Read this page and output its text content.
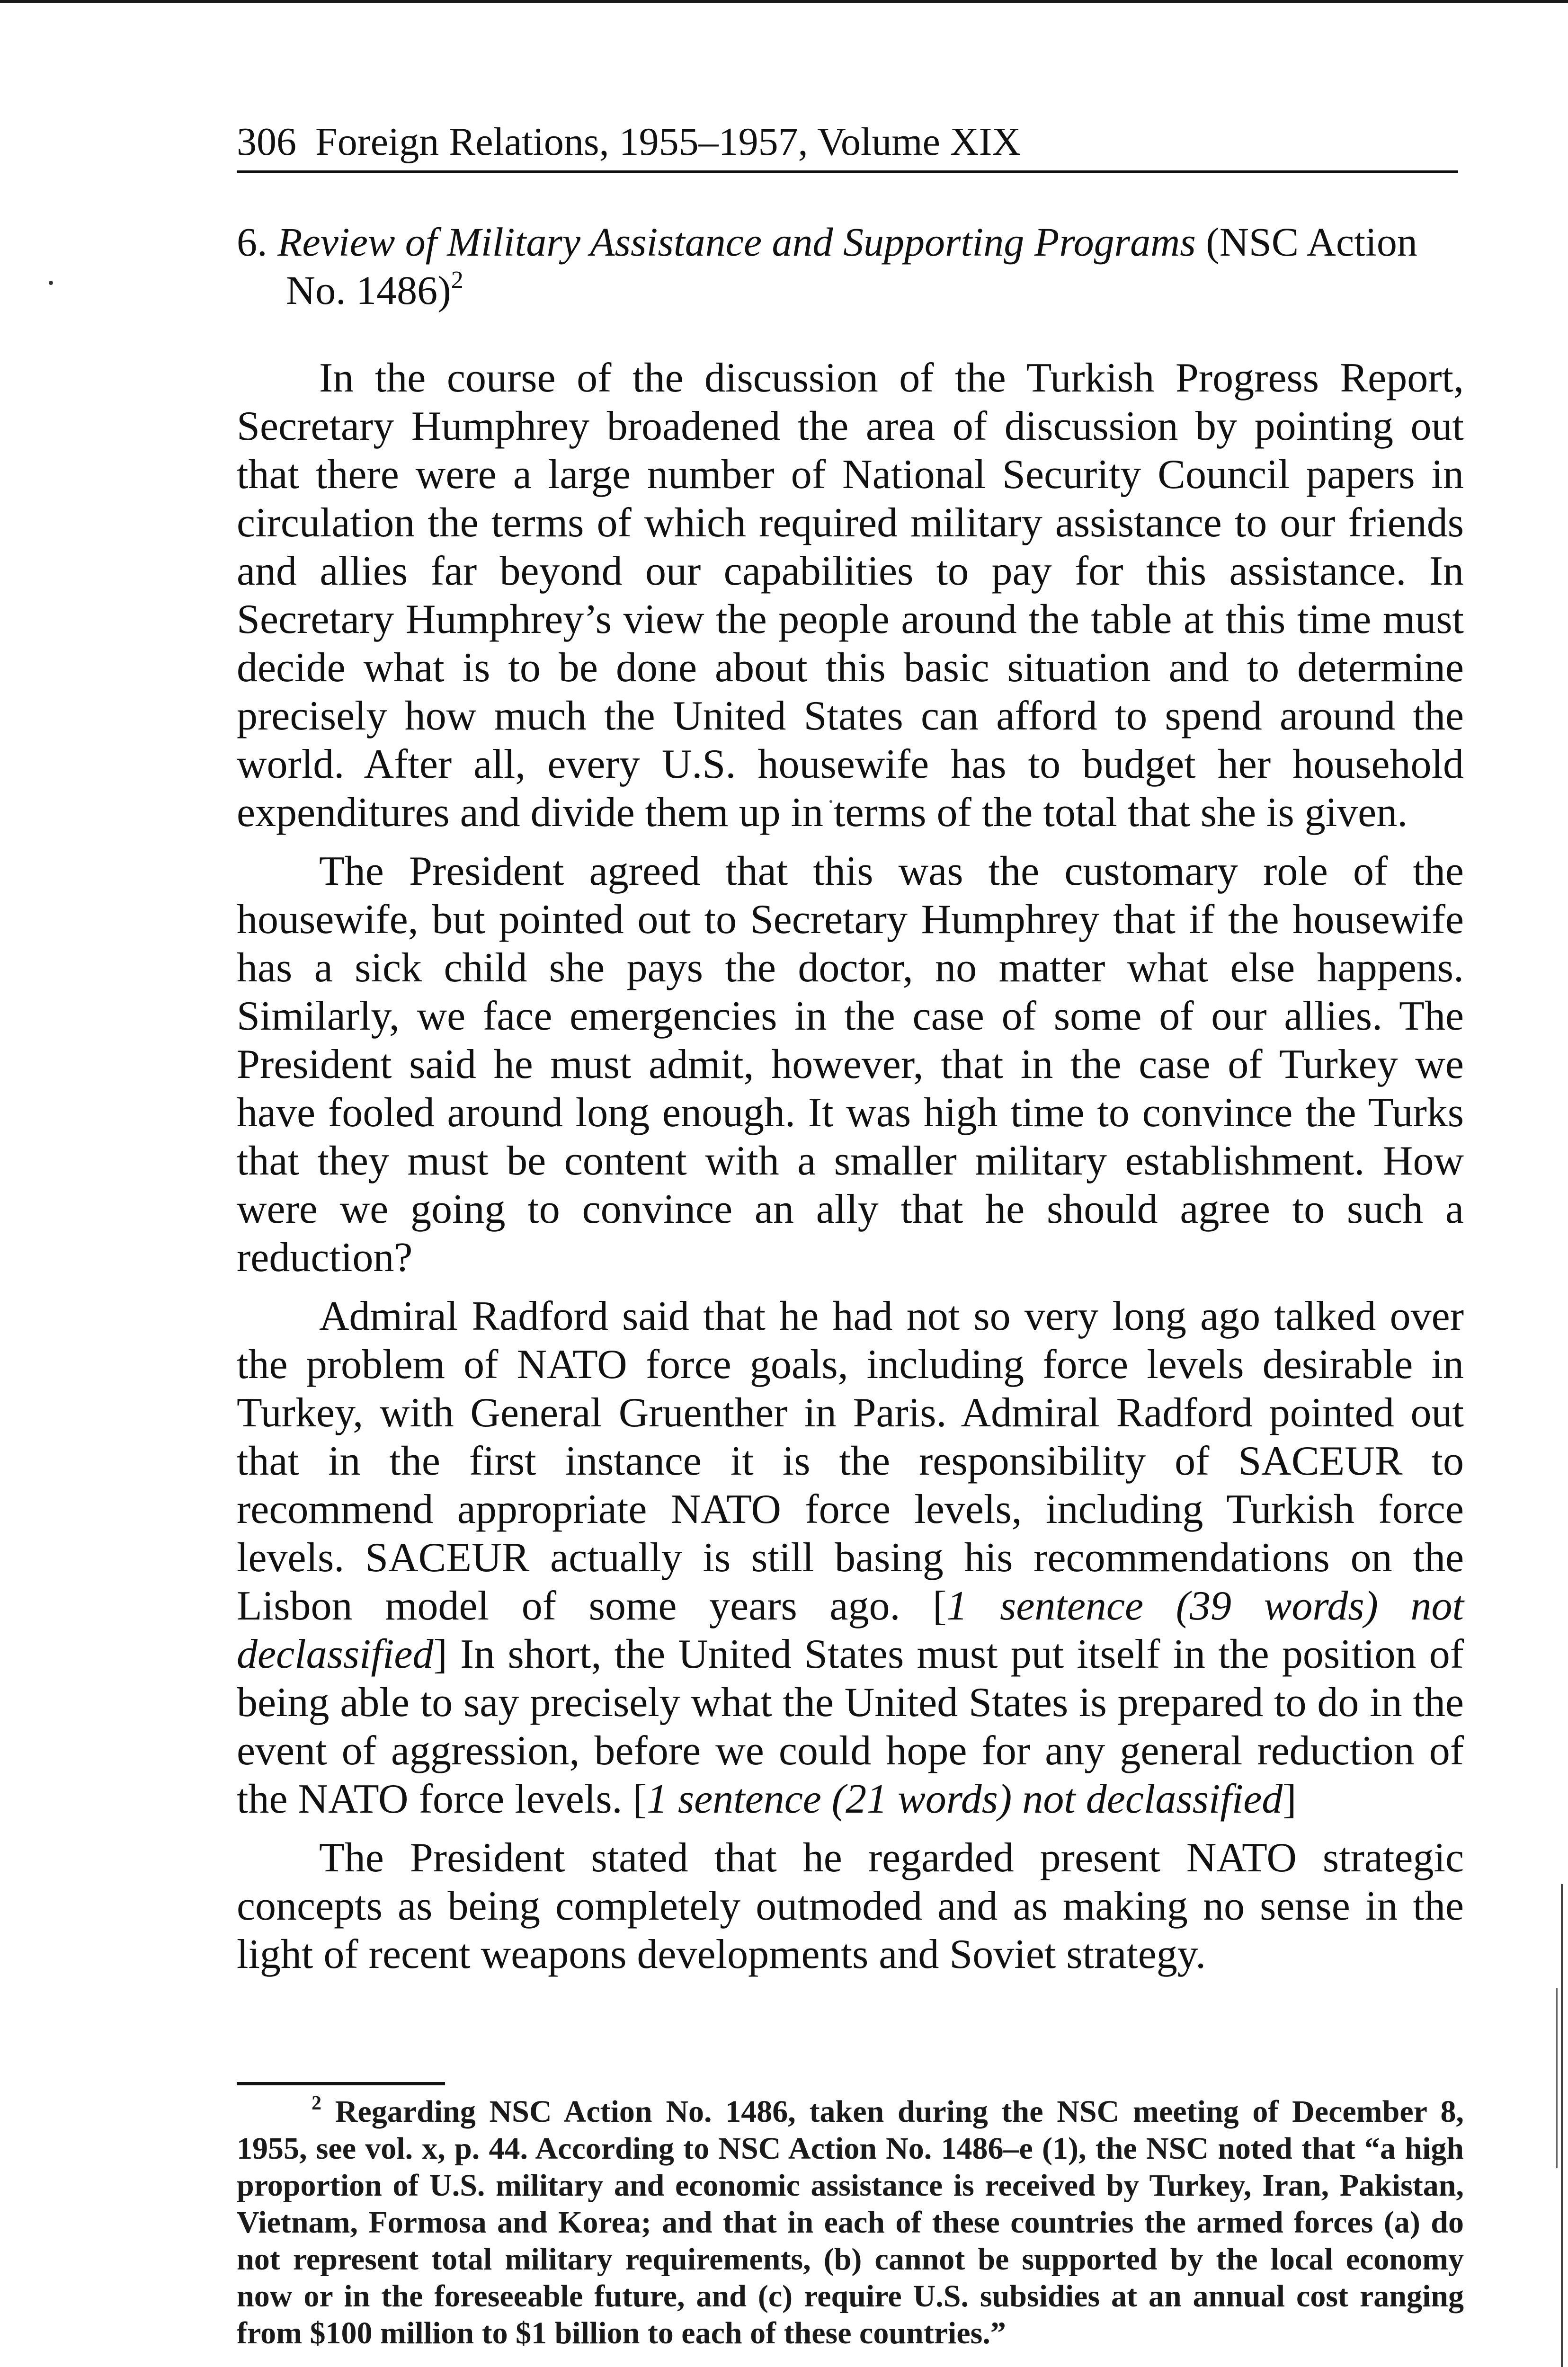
306 Foreign Relations, 1955–1957, Volume XIX
6. Review of Military Assistance and Supporting Programs (NSC Action
No. 1486)$^2$

In the course of the discussion of the Turkish Progress Report, Secretary Humphrey broadened the area of discussion by pointing out that there were a large number of National Security Council papers in circulation the terms of which required military assistance to our friends and allies far beyond our capabilities to pay for this assistance. In Secretary Humphrey’s view the people around the table at this time must decide what is to be done about this basic situation and to determine precisely how much the United States can afford to spend around the world. After all, every U.S. housewife has to budget her household expenditures and divide them up in terms of the total that she is given.

The President agreed that this was the customary role of the housewife, but pointed out to Secretary Humphrey that if the housewife has a sick child she pays the doctor, no matter what else happens. Similarly, we face emergencies in the case of some of our allies. The President said he must admit, however, that in the case of Turkey we have fooled around long enough. It was high time to convince the Turks that they must be content with a smaller military establishment. How were we going to convince an ally that he should agree to such a reduction?

Admiral Radford said that he had not so very long ago talked over the problem of NATO force goals, including force levels desirable in Turkey, with General Gruenther in Paris. Admiral Radford pointed out that in the first instance it is the responsibility of SACEUR to recommend appropriate NATO force levels, including Turkish force levels. SACEUR actually is still basing his recommendations on the Lisbon model of some years ago. [1 sentence (39 words) not declassified] In short, the United States must put itself in the position of being able to say precisely what the United States is prepared to do in the event of aggression, before we could hope for any general reduction of the NATO force levels. [1 sentence (21 words) not declassified]

The President stated that he regarded present NATO strategic concepts as being completely outmoded and as making no sense in the light of recent weapons developments and Soviet strategy.

$^2$ Regarding NSC Action No. 1486, taken during the NSC meeting of December 8, 1955, see vol. x, p. 44. According to NSC Action No. 1486–e (1), the NSC noted that “a high proportion of U.S. military and economic assistance is received by Turkey, Iran, Pakistan, Vietnam, Formosa and Korea; and that in each of these countries the armed forces (a) do not represent total military requirements, (b) cannot be supported by the local economy now or in the foreseeable future, and (c) require U.S. subsidies at an annual cost ranging from $100 million to $1 billion to each of these countries.”
